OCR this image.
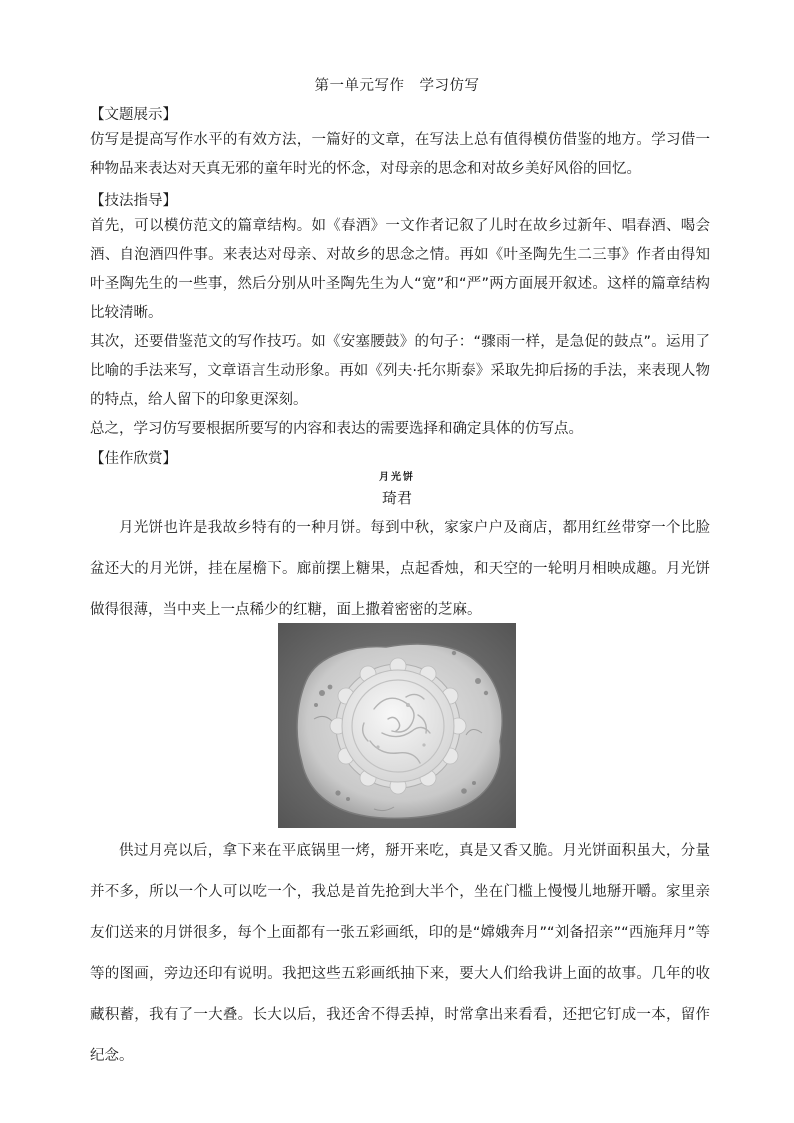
第一单元写作　学习仿写
【文题展示】
仿写是提高写作水平的有效方法，一篇好的文章，在写法上总有值得模仿借鉴的地方。学习借一种物品来表达对天真无邪的童年时光的怀念，对母亲的思念和对故乡美好风俗的回忆。
【技法指导】
首先，可以模仿范文的篇章结构。如《春酒》一文作者记叙了儿时在故乡过新年、唱春酒、喝会酒、自泡酒四件事。来表达对母亲、对故乡的思念之情。再如《叶圣陶先生二三事》作者由得知叶圣陶先生的一些事，然后分别从叶圣陶先生为人“宽”和“严”两方面展开叙述。这样的篇章结构比较清晰。
其次，还要借鉴范文的写作技巧。如《安塞腰鼓》的句子：“骤雨一样，是急促的鼓点”。运用了比喻的手法来写，文章语言生动形象。再如《列夫·托尔斯泰》采取先抑后扬的手法，来表现人物的特点，给人留下的印象更深刻。
总之，学习仿写要根据所要写的内容和表达的需要选择和确定具体的仿写点。
【佳作欣赏】
月光饼
琦君
月光饼也许是我故乡特有的一种月饼。每到中秋，家家户户及商店，都用红丝带穿一个比脸盆还大的月光饼，挂在屋檐下。廊前摆上糖果，点起香烛，和天空的一轮明月相映成趣。月光饼做得很薄，当中夹上一点稀少的红糖，面上撒着密密的芝麻。
供过月亮以后，拿下来在平底锅里一烤，掰开来吃，真是又香又脆。月光饼面积虽大，分量并不多，所以一个人可以吃一个，我总是首先抢到大半个，坐在门槛上慢慢儿地掰开嚼。家里亲友们送来的月饼很多，每个上面都有一张五彩画纸，印的是“嫦娥奔月”“刘备招亲”“西施拜月”等等的图画，旁边还印有说明。我把这些五彩画纸抽下来，要大人们给我讲上面的故事。几年的收藏积蓄，我有了一大叠。长大以后，我还舍不得丢掉，时常拿出来看看，还把它钉成一本，留作纪念。
